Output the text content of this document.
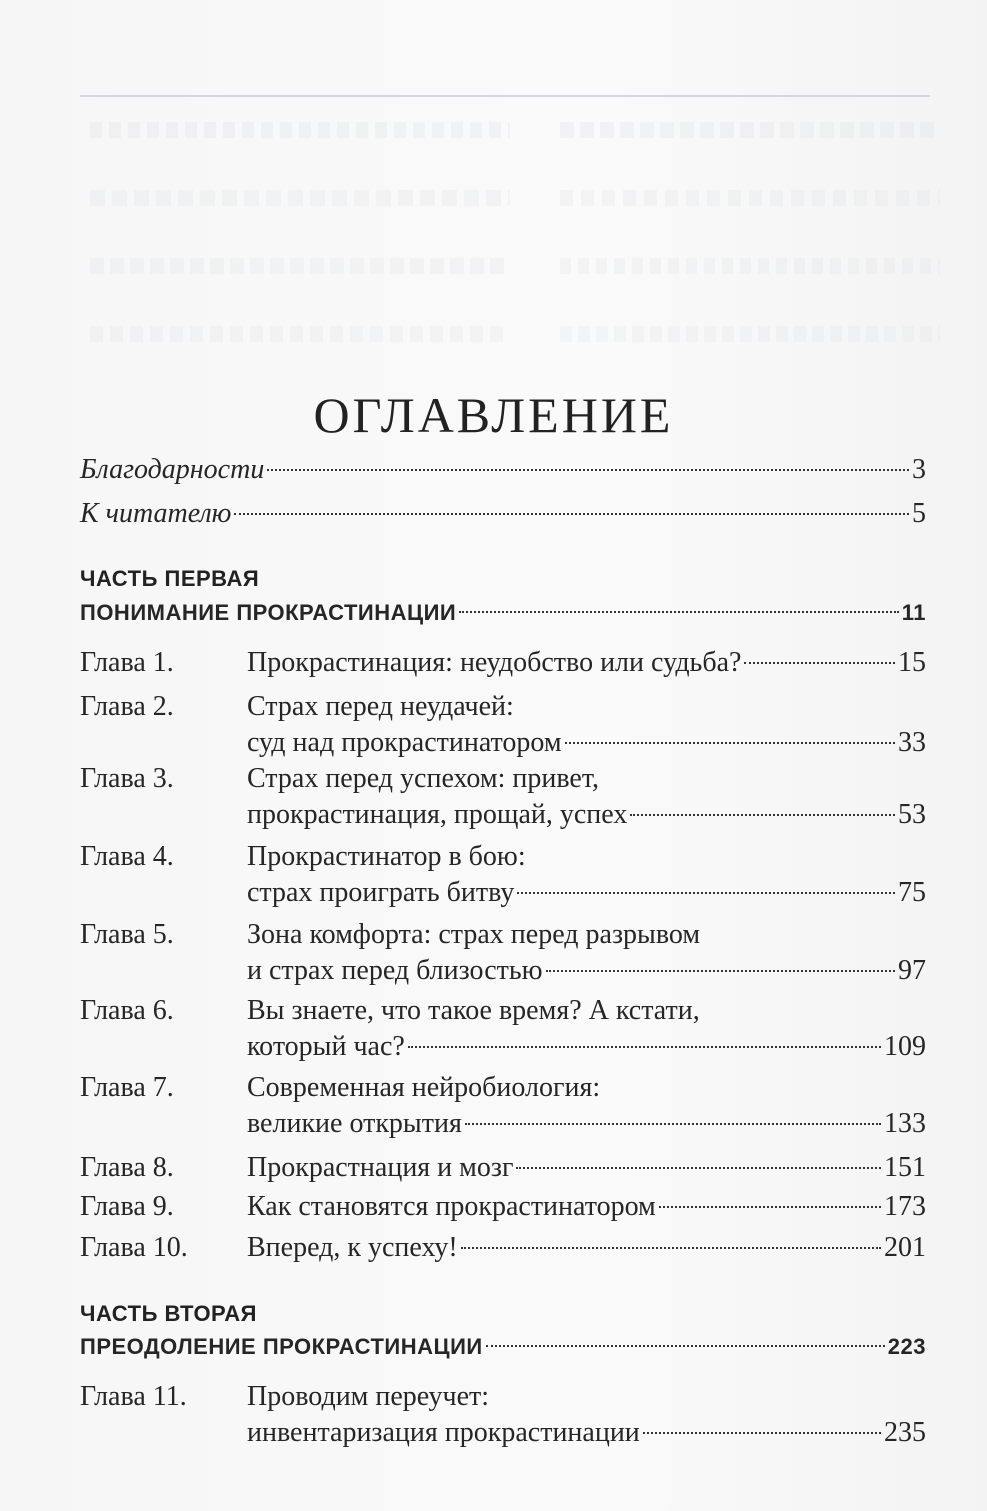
ОГЛАВЛЕНИЕ
Благодарности	3
К читателю	5
ЧАСТЬ ПЕРВАЯ
ПОНИМАНИЕ ПРОКРАСТИНАЦИИ	11
Глава 1.	Прокрастинация: неудобство или судьба?	15
Глава 2.	Страх перед неудачей:
суд над прокрастинатором	33
Глава 3.	Страх перед успехом: привет,
прокрастинация, прощай, успех	53
Глава 4.	Прокрастинатор в бою:
страх проиграть битву	75
Глава 5.	Зона комфорта: страх перед разрывом
и страх перед близостью	97
Глава 6.	Вы знаете, что такое время? А кстати,
который час?	109
Глава 7.	Современная нейробиология:
великие открытия	133
Глава 8.	Прокрастнация и мозг	151
Глава 9.	Как становятся прокрастинатором	173
Глава 10. Вперед, к успеху!	201
ЧАСТЬ ВТОРАЯ
ПРЕОДОЛЕНИЕ ПРОКРАСТИНАЦИИ	223
Глава 11. Проводим переучет:
инвентаризация прокрастинации	235
